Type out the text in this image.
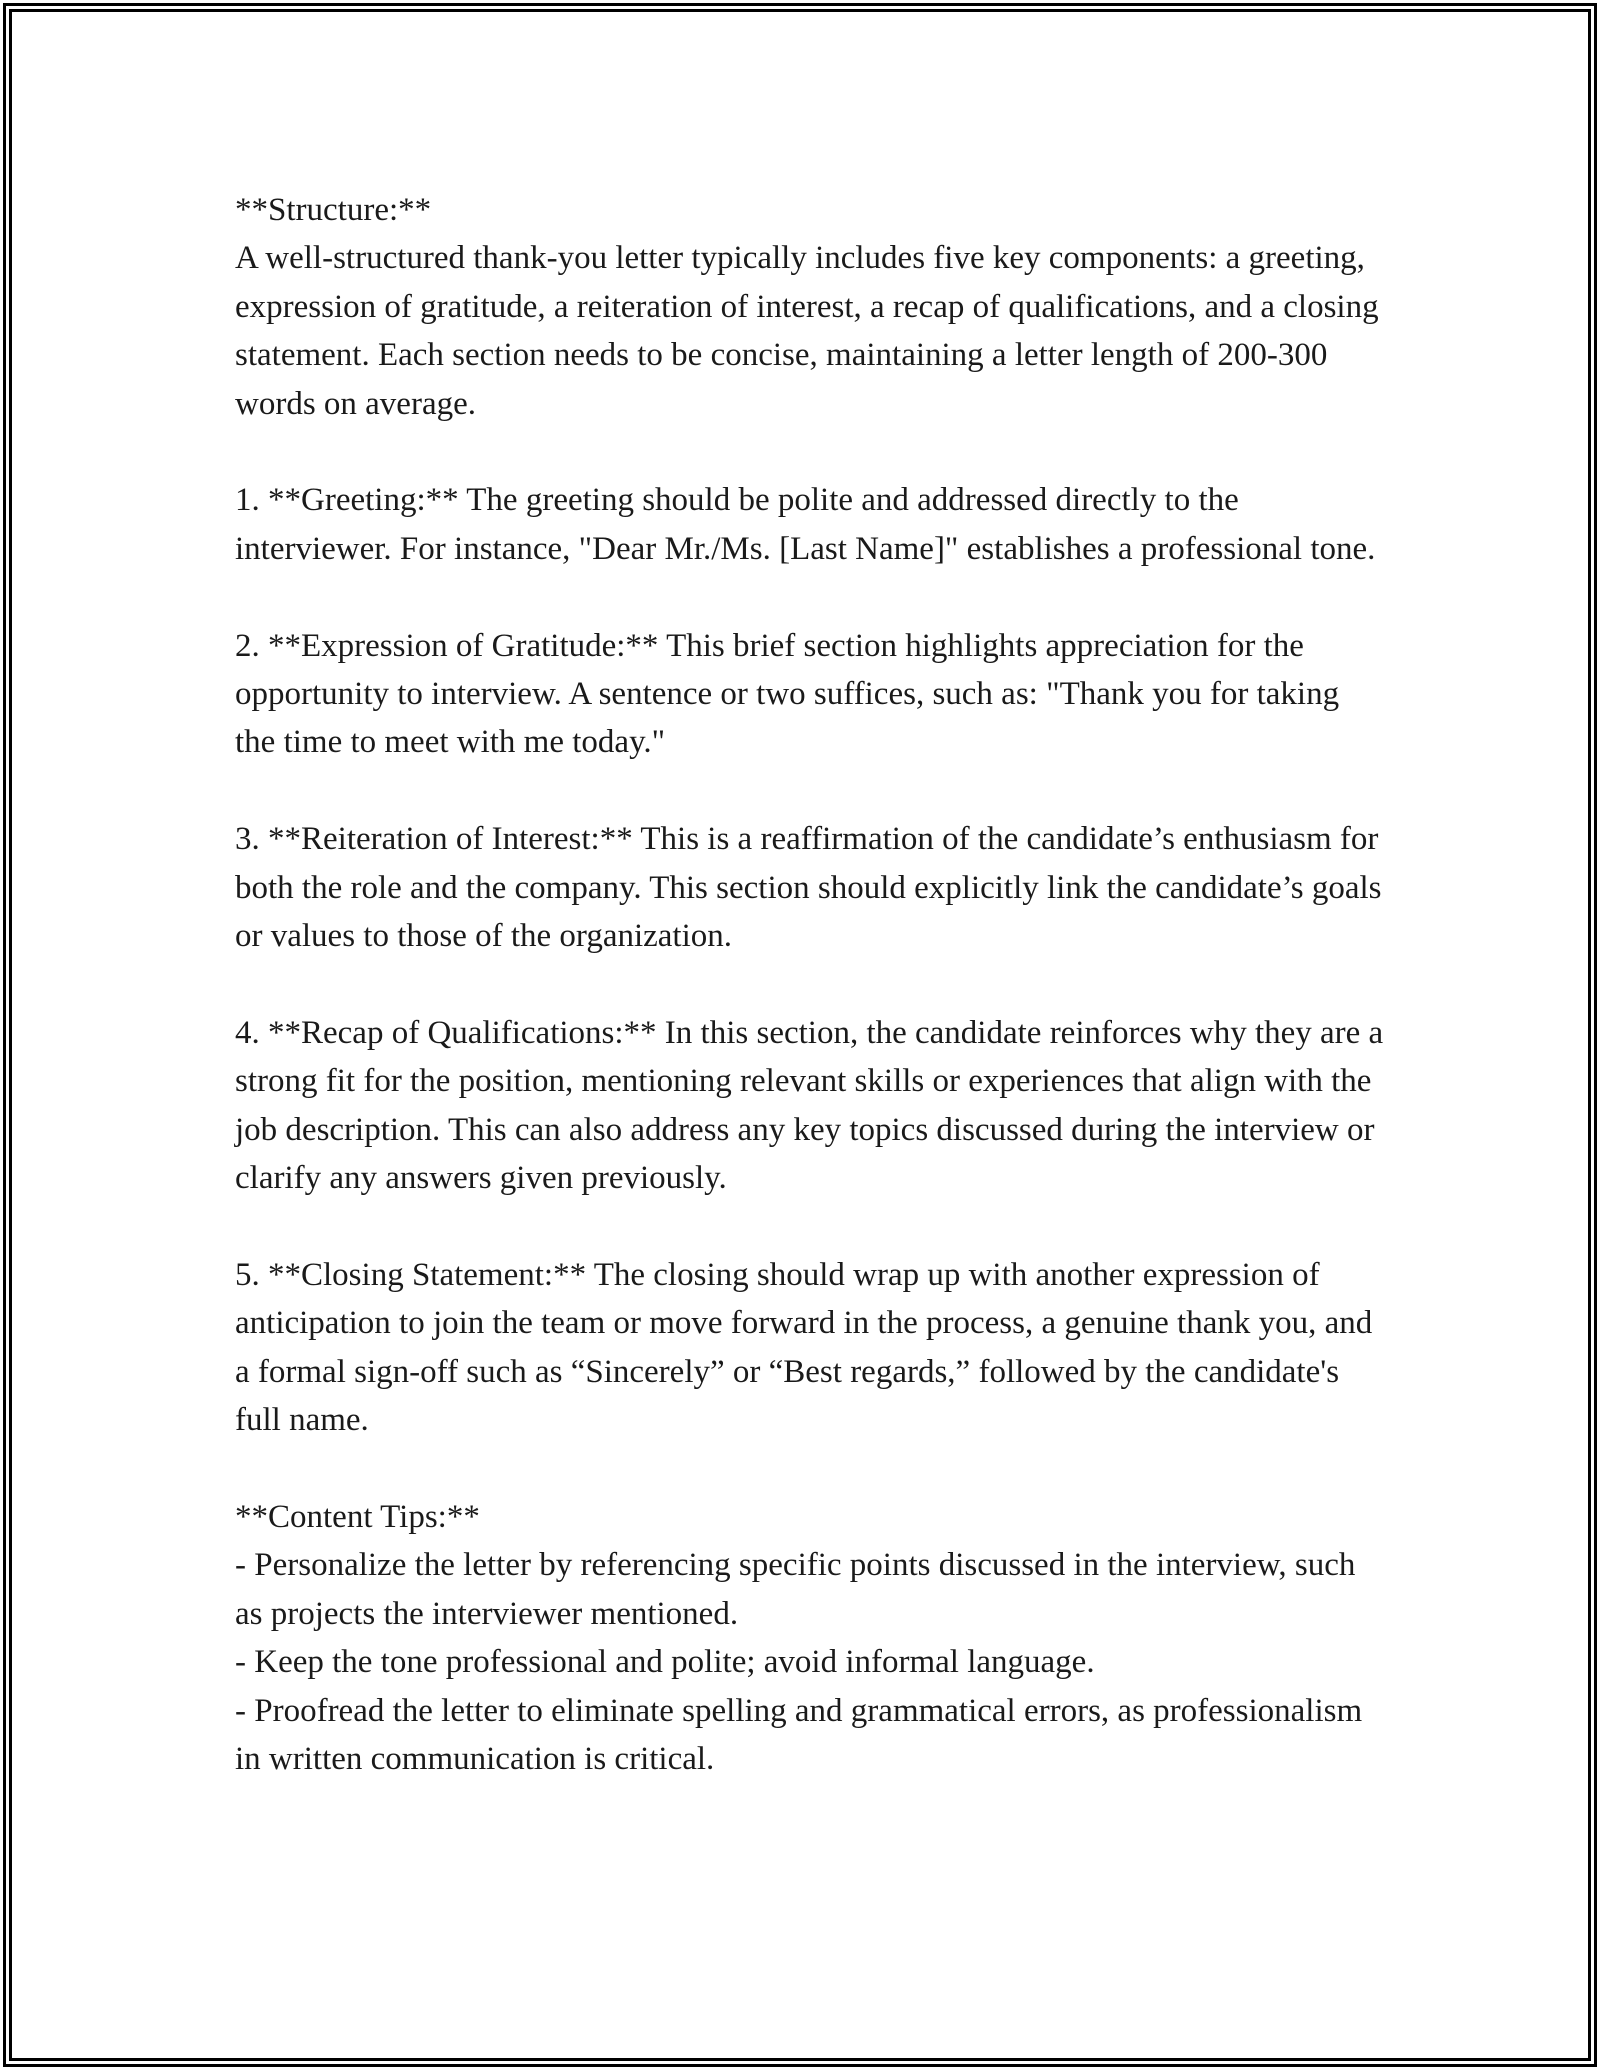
**Structure:**

A well-structured thank-you letter typically includes five key components: a greeting, expression of gratitude, a reiteration of interest, a recap of qualifications, and a closing statement. Each section needs to be concise, maintaining a letter length of 200-300 words on average.

1. **Greeting:** The greeting should be polite and addressed directly to the interviewer. For instance, "Dear Mr./Ms. [Last Name]" establishes a professional tone.

2. **Expression of Gratitude:** This brief section highlights appreciation for the opportunity to interview. A sentence or two suffices, such as: "Thank you for taking the time to meet with me today."

3. **Reiteration of Interest:** This is a reaffirmation of the candidate’s enthusiasm for both the role and the company. This section should explicitly link the candidate’s goals or values to those of the organization.

4. **Recap of Qualifications:** In this section, the candidate reinforces why they are a strong fit for the position, mentioning relevant skills or experiences that align with the job description. This can also address any key topics discussed during the interview or clarify any answers given previously.

5. **Closing Statement:** The closing should wrap up with another expression of anticipation to join the team or move forward in the process, a genuine thank you, and a formal sign-off such as “Sincerely” or “Best regards,” followed by the candidate's full name.

**Content Tips:**

- Personalize the letter by referencing specific points discussed in the interview, such as projects the interviewer mentioned.

- Keep the tone professional and polite; avoid informal language.

- Proofread the letter to eliminate spelling and grammatical errors, as professionalism in written communication is critical.
